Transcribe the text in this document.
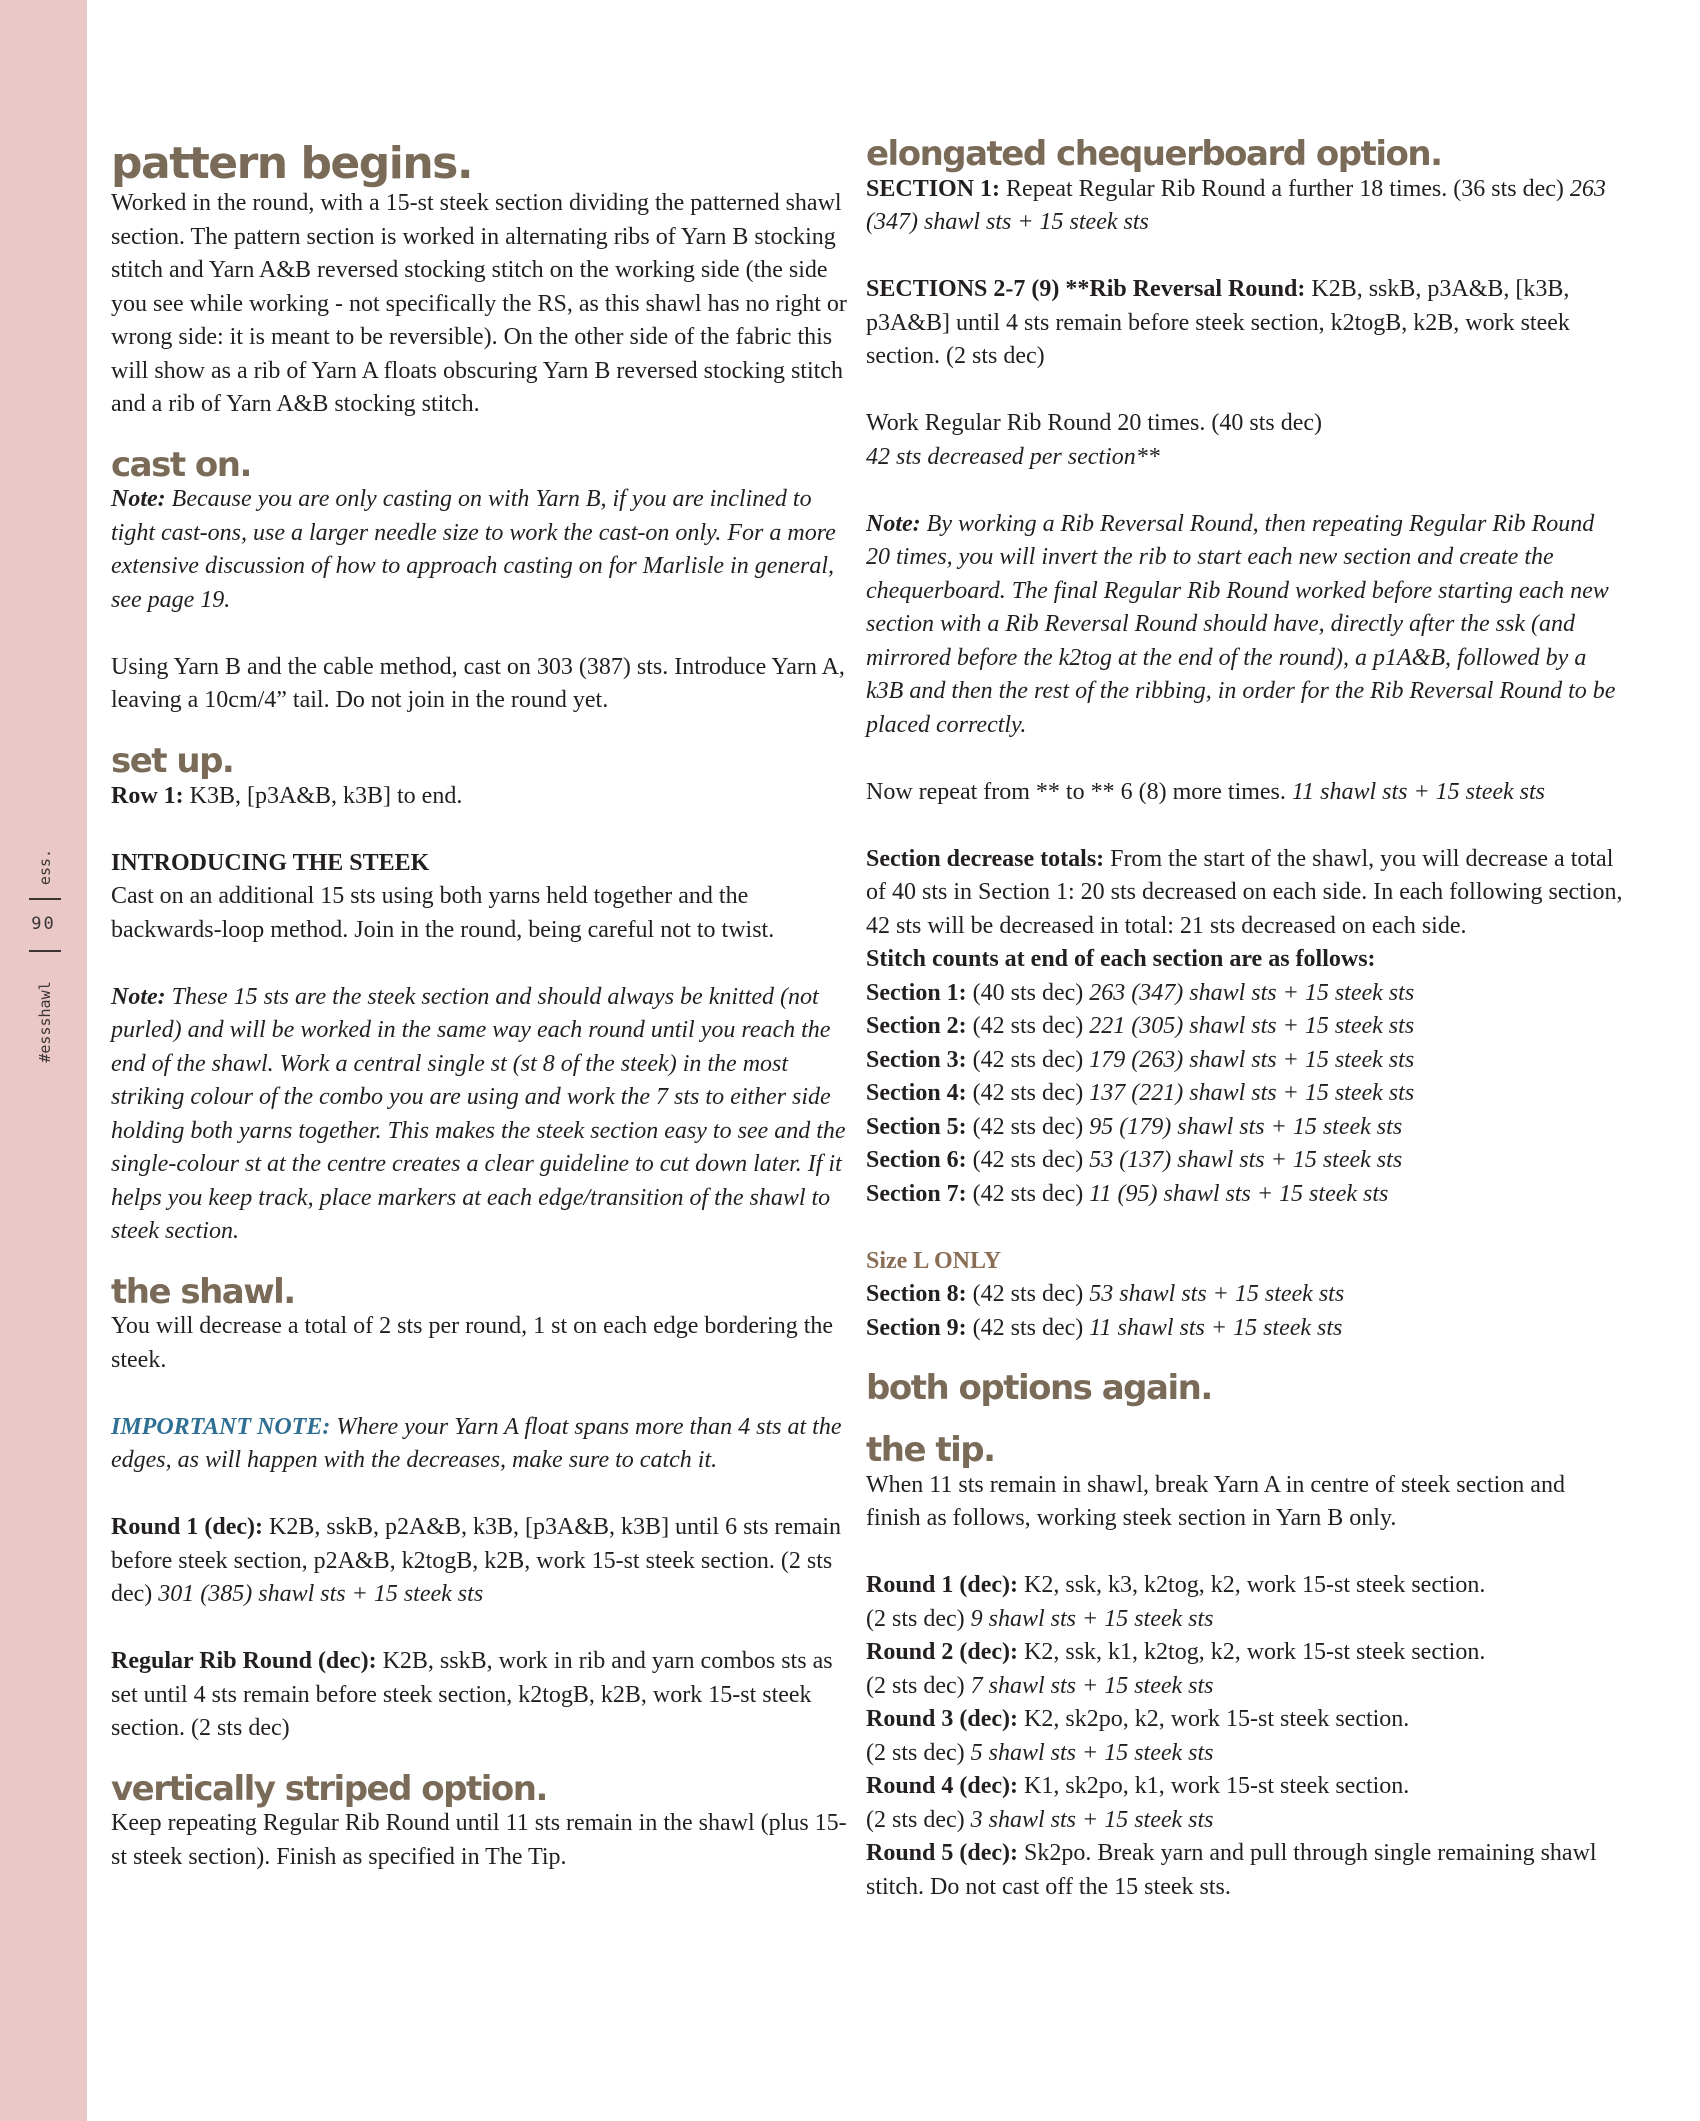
ess.
90
#essshawl
pattern begins.

Worked in the round, with a 15-st steek section dividing the patterned shawl section. The pattern section is worked in alternating ribs of Yarn B stocking stitch and Yarn A&B reversed stocking stitch on the working side (the side you see while working - not specifically the RS, as this shawl has no right or wrong side: it is meant to be reversible). On the other side of the fabric this will show as a rib of Yarn A floats obscuring Yarn B reversed stocking stitch and a rib of Yarn A&B stocking stitch.

cast on.

Note: Because you are only casting on with Yarn B, if you are inclined to tight cast-ons, use a larger needle size to work the cast-on only. For a more extensive discussion of how to approach casting on for Marlisle in general, see page 19.

Using Yarn B and the cable method, cast on 303 (387) sts. Introduce Yarn A, leaving a 10cm/4” tail. Do not join in the round yet.

set up.

Row 1: K3B, [p3A&B, k3B] to end.

INTRODUCING THE STEEK

Cast on an additional 15 sts using both yarns held together and the backwards-loop method. Join in the round, being careful not to twist.

Note: These 15 sts are the steek section and should always be knitted (not purled) and will be worked in the same way each round until you reach the end of the shawl. Work a central single st (st 8 of the steek) in the most striking colour of the combo you are using and work the 7 sts to either side holding both yarns together. This makes the steek section easy to see and the single-colour st at the centre creates a clear guideline to cut down later. If it helps you keep track, place markers at each edge/transition of the shawl to steek section.

the shawl.

You will decrease a total of 2 sts per round, 1 st on each edge bordering the steek.

IMPORTANT NOTE: Where your Yarn A float spans more than 4 sts at the edges, as will happen with the decreases, make sure to catch it.

Round 1 (dec): K2B, sskB, p2A&B, k3B, [p3A&B, k3B] until 6 sts remain before steek section, p2A&B, k2togB, k2B, work 15-st steek section. (2 sts dec) 301 (385) shawl sts + 15 steek sts

Regular Rib Round (dec): K2B, sskB, work in rib and yarn combos sts as set until 4 sts remain before steek section, k2togB, k2B, work 15-st steek section. (2 sts dec)

vertically striped option.

Keep repeating Regular Rib Round until 11 sts remain in the shawl (plus 15-st steek section). Finish as specified in The Tip.

elongated chequerboard option.

SECTION 1: Repeat Regular Rib Round a further 18 times. (36 sts dec) 263 (347) shawl sts + 15 steek sts

SECTIONS 2-7 (9) **Rib Reversal Round: K2B, sskB, p3A&B, [k3B, p3A&B] until 4 sts remain before steek section, k2togB, k2B, work steek section. (2 sts dec)

Work Regular Rib Round 20 times. (40 sts dec)

42 sts decreased per section**

Note: By working a Rib Reversal Round, then repeating Regular Rib Round 20 times, you will invert the rib to start each new section and create the chequerboard. The final Regular Rib Round worked before starting each new section with a Rib Reversal Round should have, directly after the ssk (and mirrored before the k2tog at the end of the round), a p1A&B, followed by a k3B and then the rest of the ribbing, in order for the Rib Reversal Round to be placed correctly.

Now repeat from ** to ** 6 (8) more times. 11 shawl sts + 15 steek sts

Section decrease totals: From the start of the shawl, you will decrease a total of 40 sts in Section 1: 20 sts decreased on each side. In each following section, 42 sts will be decreased in total: 21 sts decreased on each side.

Stitch counts at end of each section are as follows:

Section 1: (40 sts dec) 263 (347) shawl sts + 15 steek sts

Section 2: (42 sts dec) 221 (305) shawl sts + 15 steek sts

Section 3: (42 sts dec) 179 (263) shawl sts + 15 steek sts

Section 4: (42 sts dec) 137 (221) shawl sts + 15 steek sts

Section 5: (42 sts dec) 95 (179) shawl sts + 15 steek sts

Section 6: (42 sts dec) 53 (137) shawl sts + 15 steek sts

Section 7: (42 sts dec) 11 (95) shawl sts + 15 steek sts

Size L ONLY

Section 8: (42 sts dec) 53 shawl sts + 15 steek sts

Section 9: (42 sts dec) 11 shawl sts + 15 steek sts

both options again.
the tip.

When 11 sts remain in shawl, break Yarn A in centre of steek section and finish as follows, working steek section in Yarn B only.

Round 1 (dec): K2, ssk, k3, k2tog, k2, work 15-st steek section.
(2 sts dec) 9 shawl sts + 15 steek sts

Round 2 (dec): K2, ssk, k1, k2tog, k2, work 15-st steek section.
(2 sts dec) 7 shawl sts + 15 steek sts

Round 3 (dec): K2, sk2po, k2, work 15-st steek section.
(2 sts dec) 5 shawl sts + 15 steek sts

Round 4 (dec): K1, sk2po, k1, work 15-st steek section.
(2 sts dec) 3 shawl sts + 15 steek sts

Round 5 (dec): Sk2po. Break yarn and pull through single remaining shawl stitch. Do not cast off the 15 steek sts.
